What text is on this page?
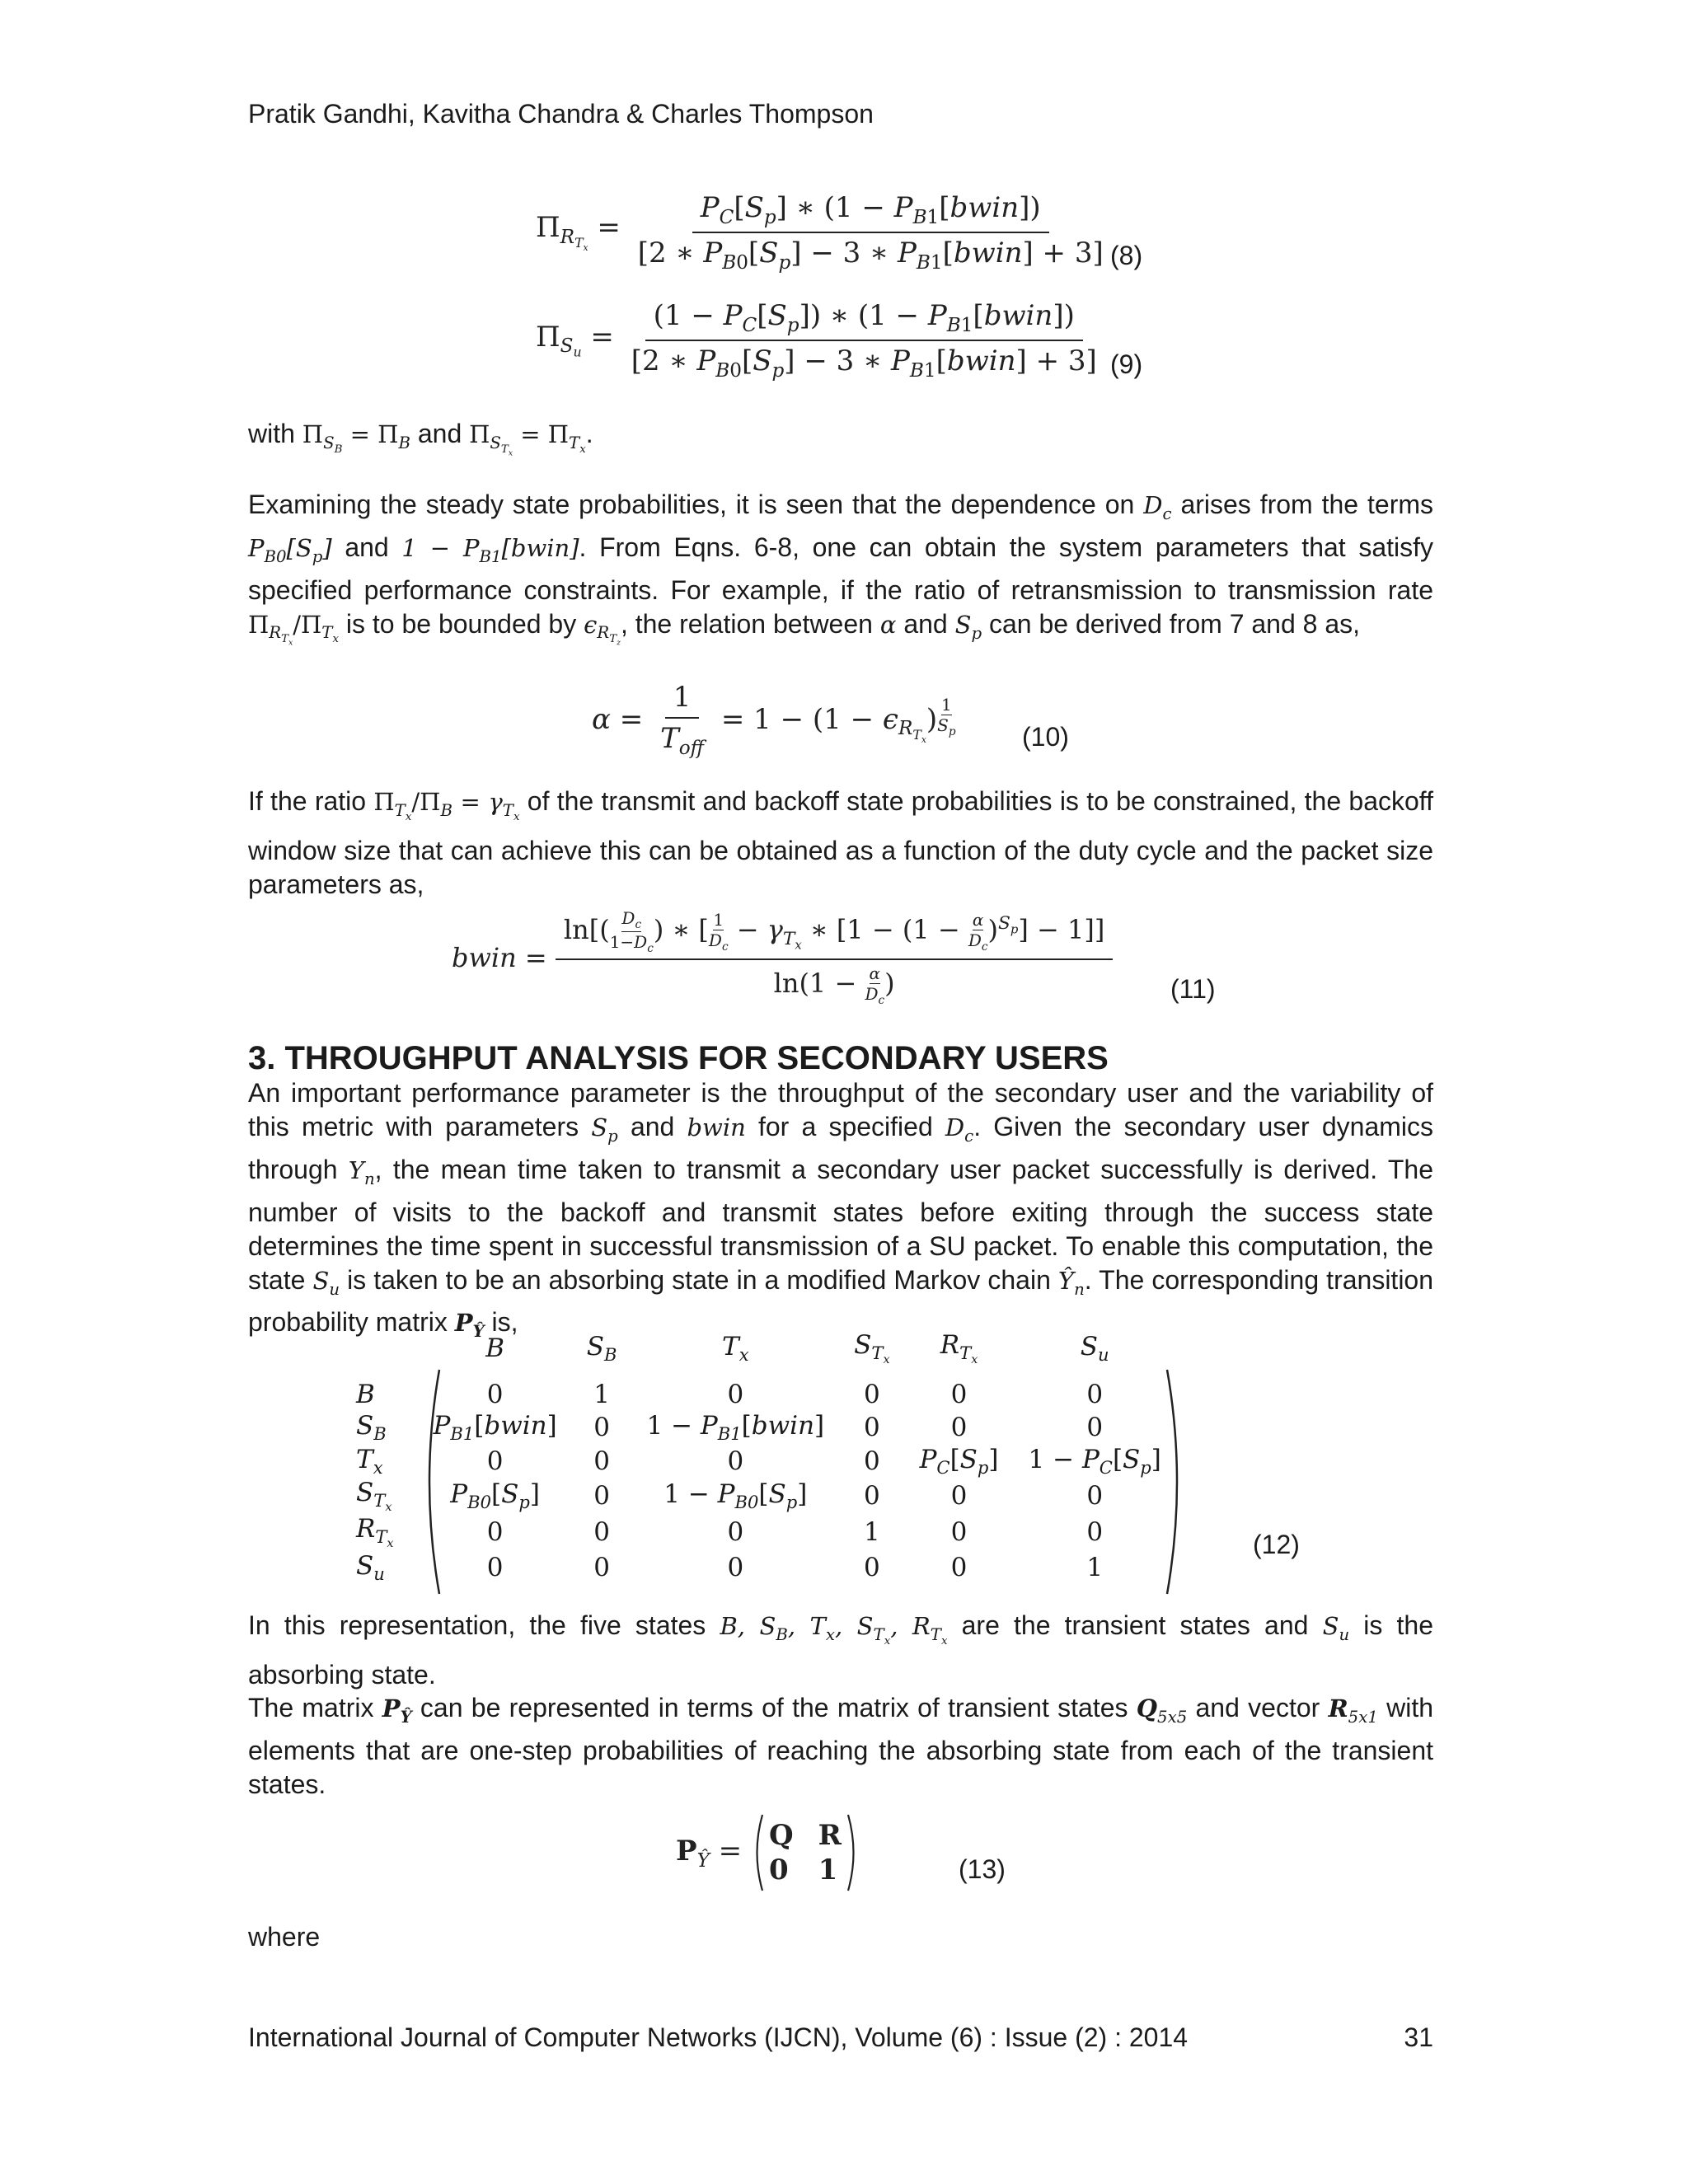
Pratik Gandhi, Kavitha Chandra & Charles Thompson
$\Pi_{R_{T_x}} = \frac{P_C[S_p] ∗ (1 - P_{B1}[bwin])}{[2 ∗ P_{B0}[S_p] - 3 ∗ P_{B1}[bwin] + 3]}$
(8)
$\Pi_{S_u} = \frac{(1 - P_C[S_p]) ∗ (1 - P_{B1}[bwin])}{[2 ∗ P_{B0}[S_p] - 3 ∗ P_{B1}[bwin] + 3]} (9)$
with $\Pi_{S_B} = \Pi_B$ and $\Pi_{S_{T_x}} = \Pi_{T_x}$.
Examining the steady state probabilities, it is seen that the dependence on $D_c$ arises from the terms $P_{B0}[S_p]$ and $1 - P_{B1}[bwin]$. From Eqns. 6-8, one can obtain the system parameters that satisfy specified performance constraints. For example, if the ratio of retransmission to transmission rate $\Pi_{R_{T_x}}/\Pi_{T_x}$ is to be bounded by $\epsilon_{R_{T_z}}$, the relation between α and $S_p$ can be derived from 7 and 8 as,
$\alpha = \frac{1}{T_{off}} = 1 - (1 - \epsilon_{R_{T_x}})$ $^{\frac{1}{S_p}}$	(10)
If the ratio $\Pi_{T_x}/\Pi_B = \gamma_{T_x}$ of the transmit and backoff state probabilities is to be constrained, the backoff window size that can achieve this can be obtained as a function of the duty cycle and the packet size parameters as,
bwin = $\frac{\ln[( \frac{D_c}{1-D_c} ) ∗ [ \frac{1}{D_c} - \gamma_{T_x} ∗ [1 - (1 - \frac{\alpha}{D_c} )^{S_p}] - 1]]}{\ln(1 - \frac{\alpha}{D_c} )} (11)$
3. THROUGHPUT ANALYSIS FOR SECONDARY USERS
An important performance parameter is the throughput of the secondary user and the variability of this metric with parameters $S_p$ and bwin for a specified $D_c$. Given the secondary user dynamics through $Y_n$, the mean time taken to transmit a secondary user packet successfully is derived. The number of visits to the backoff and transmit states before exiting through the success state determines the time spent in successful transmission of a SU packet. To enable this computation, the state $S_u$ is taken to be an absorbing state in a modified Markov chain $Ŷ_n$. The corresponding transition probability matrix $P_Ŷ$ is,
	B	$S_B$	$T_x$	$S_{T_x}$	$R_{T_x}$	$S_u$
B	0	1	0	0	0	0
$S_B$	$P_{B1}[bwin]$	0	$1 - P_{B1}[bwin]$	0	0	0
$T_x$	0	0	0	0	$P_C[S_p]$	$1 - P_C[S_p]$
$S_{T_x}$	$P_{B0}[S_p]$	0	$1 - P_{B0}[S_p]$	0	0	0
$R_{T_x}$	0	0	0	1	0	0
$S_u$	0	0	0	0	0	1
(12)
In this representation, the five states B, $S_B$, $T_x$, $S_{T_x}$, $R_{T_x}$ are the transient states and $S_u$ is the absorbing state.
The matrix $P_Ŷ$ can be represented in terms of the matrix of transient states $Q_{5x5}$ and vector $R_{5x1}$ with elements that are one-step probabilities of reaching the absorbing state from each of the transient states.
$P_Ŷ = Q$ R
0 1	(13)
where
International Journal of Computer Networks (IJCN), Volume (6) : Issue (2) : 2014	31
